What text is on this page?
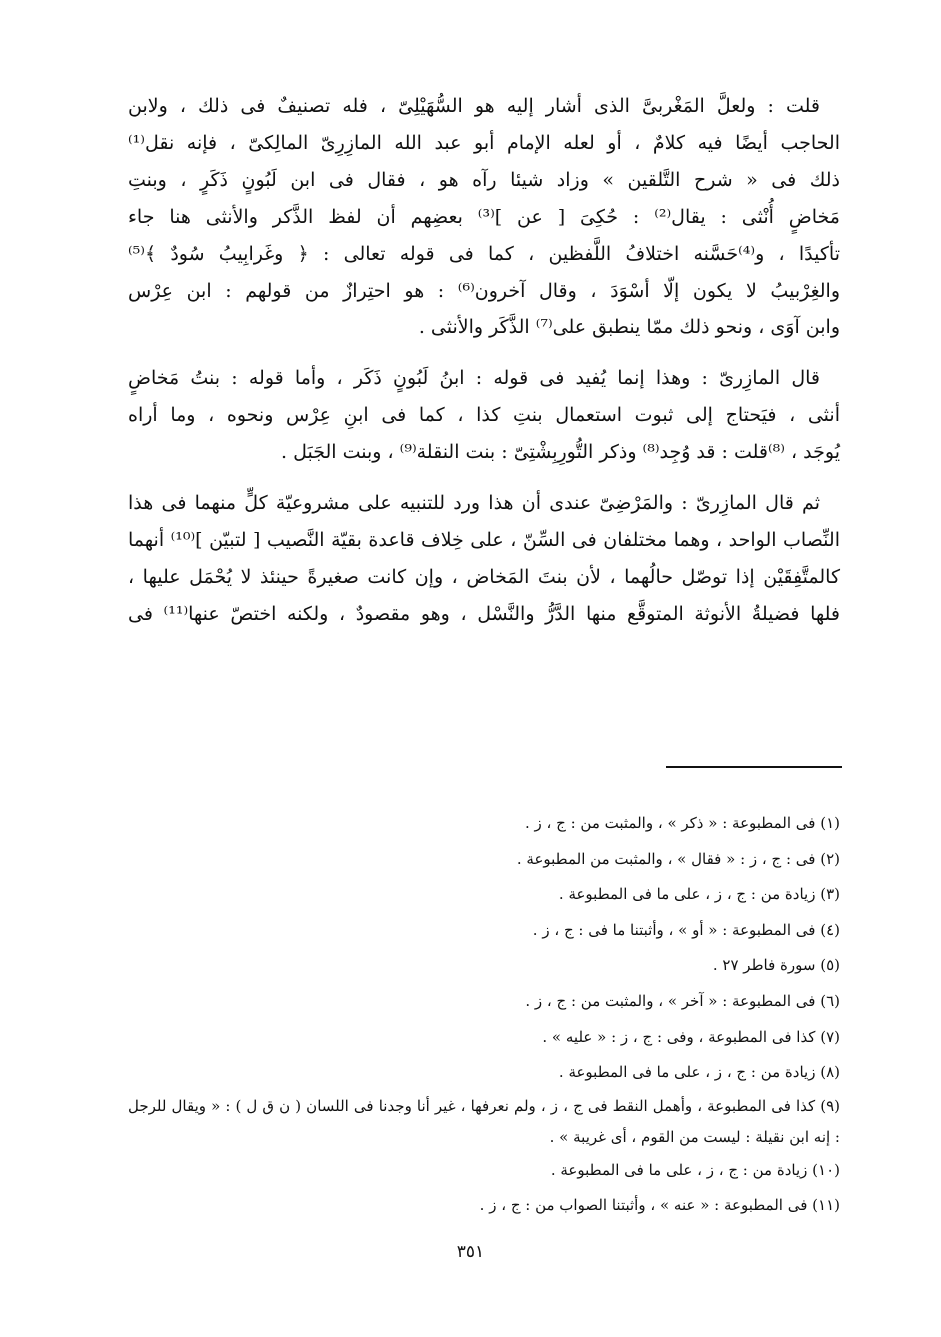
قلت : ولعلَّ المَغْربىَّ الذى أشار إليه هو السُّهَيْلِىّ ، فله تصنيفٌ فى ذلك ، ولابن
الحاجب أيضًا فيه كلامٌ ، أو لعله الإمام أبو عبد الله المازِرِىّ المالِكىّ ، فإنه نقل⁽¹⁾
ذلك فى « شرح التَّلقين » وزاد شيئا رآه هو ، فقال فى ابن لَبُونٍ ذَكَرٍ ، وبنتِ
مَخاضٍ أُنْثى : يقال⁽²⁾ : حُكِىَ [ عن ]⁽³⁾ بعضِهم أن لفظ الذَّكر والأنثى هنا جاء
تأكيدًا ، و⁽⁴⁾حَسَّنه اختلافُ اللَّفظين ، كما فى قوله تعالى : ﴿ وغَرابِيبُ سُودٌ ﴾⁽⁵⁾
والغِرْبيبُ لا يكون إلّا أسْوَدَ ، وقال آخرون⁽⁶⁾ : هو احتِرازٌ من قولهم : ابن عِرْس
وابن آوَى ، ونحو ذلك ممّا ينطبق على⁽⁷⁾ الذَّكَر والأنثى .

قال المازِرىّ : وهذا إنما يُفيد فى قوله : ابنُ لَبُونٍ ذَكَر ، وأما قوله : بنتُ مَخاضٍ
أنثى ، فيَحتاج إلى ثبوت استعمال بنتِ كذا ، كما فى ابنِ عِرْس ونحوه ، وما أراه
يُوجَد ، ⁽⁸⁾قلت : قد وُجِد⁽⁸⁾ وذكر التُّورِبِشْتِىّ : بنت النقلة⁽⁹⁾ ، وبنت الجَبَل .

ثم قال المازِرىّ : والمَرْضِىّ عندى أن هذا ورد للتنبيه على مشروعيّة كلٍّ منهما فى هذا
النِّصاب الواحد ، وهما مختلفان فى السِّنّ ، على خِلاف قاعدة بقيّة النَّصيب [ لتبيّن ]⁽¹⁰⁾ أنهما
كالمتَّفِقَيْن إذا توصّل حالُهما ، لأن بنتَ المَخاض ، وإن كانت صغيرةً حينئذ لا يُحْمَل عليها ،
فلها فضيلةُ الأنوثة المتوقَّع منها الدَّرُّ والنَّسْل ، وهو مقصودٌ ، ولكنه اختصّ عنها⁽¹¹⁾ فى

(١) فى المطبوعة : « ذكر » ، والمثبت من : ج ، ز .

(٢) فى : ج ، ز : « فقال » ، والمثبت من المطبوعة .

(٣) زيادة من : ج ، ز ، على ما فى المطبوعة .

(٤) فى المطبوعة : « أو » ، وأثبتنا ما فى : ج ، ز .

(٥) سورة فاطر ٢٧ .

(٦) فى المطبوعة : « آخر » ، والمثبت من : ج ، ز .

(٧) كذا فى المطبوعة ، وفى : ج ، ز : « عليه » .

(٨) زيادة من : ج ، ز ، على ما فى المطبوعة .

(٩) كذا فى المطبوعة ، وأهمل النقط فى ج ، ز ، ولم نعرفها ، غير أنا وجدنا فى اللسان ( ن ق ل ) : « ويقال للرجل : إنه ابن نقيلة : ليست من القوم ، أى غريبة » .

(١٠) زيادة من : ج ، ز ، على ما فى المطبوعة .

(١١) فى المطبوعة : « عنه » ، وأثبتنا الصواب من : ج ، ز .

٣٥١
